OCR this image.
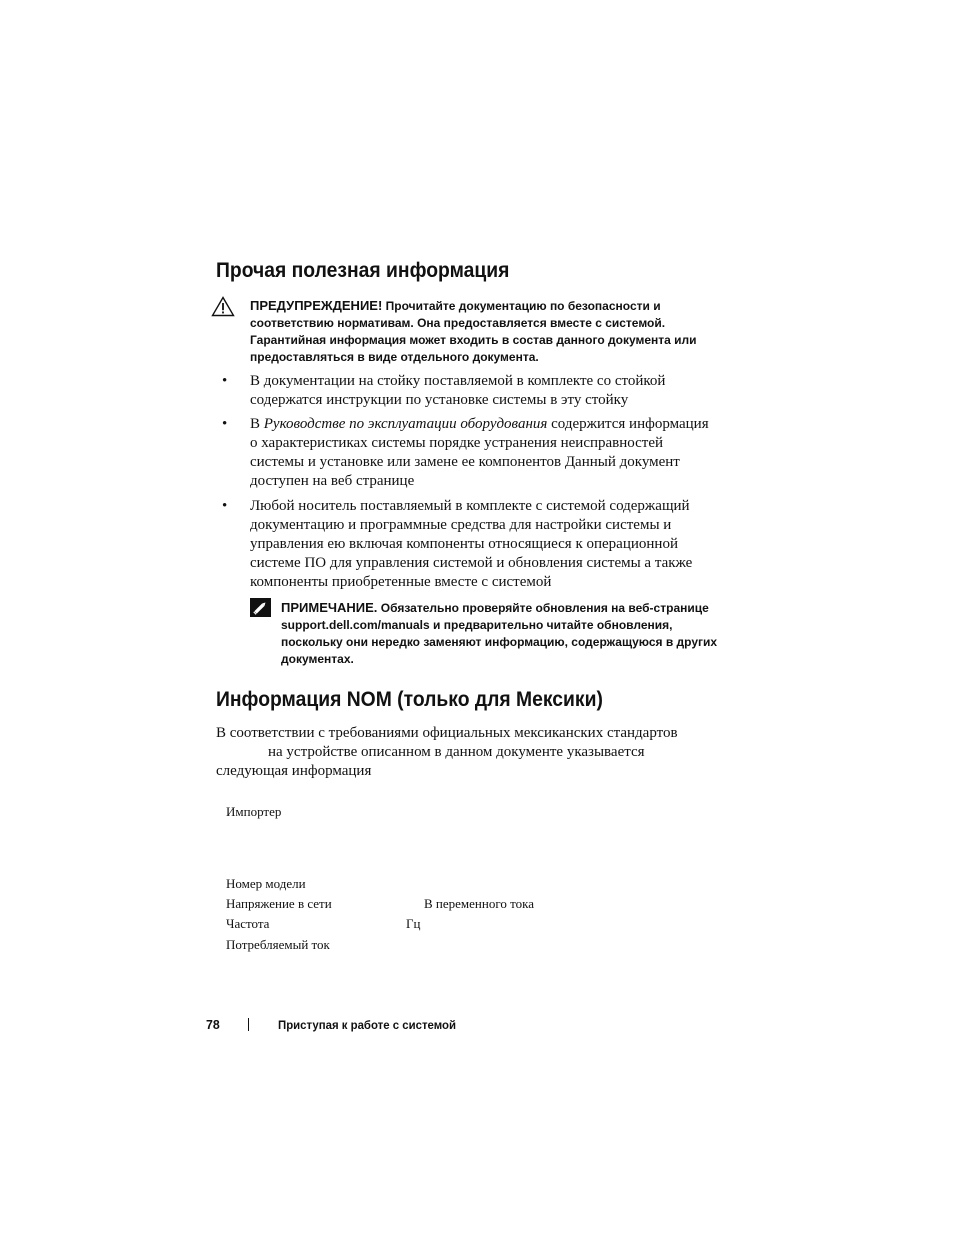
Прочая полезная информация
ПРЕДУПРЕЖДЕНИЕ! Прочитайте документацию по безопасности и
соответствию нормативам. Она предоставляется вместе с системой.
Гарантийная информация может входить в состав данного документа или
предоставляться в виде отдельного документа.
• В документации на стойку поставляемой в комплекте со стойкой
содержатся инструкции по установке системы в эту стойку
• В Руководстве по эксплуатации оборудования содержится информация
о характеристиках системы порядке устранения неисправностей
системы и установке или замене ее компонентов Данный документ
доступен на веб странице
• Любой носитель поставляемый в комплекте с системой содержащий
документацию и программные средства для настройки системы и
управления ею включая компоненты относящиеся к операционной
системе ПО для управления системой и обновления системы а также
компоненты приобретенные вместе с системой
ПРИМЕЧАНИЕ. Обязательно проверяйте обновления на веб-странице
support.dell.com/manuals и предварительно читайте обновления,
поскольку они нередко заменяют информацию, содержащуюся в других
документах.
Информация NOM (только для Мексики)
В соответствии с требованиями официальных мексиканских стандартов
на устройстве описанном в данном документе указывается
следующая информация
Импортер
Номер модели
Напряжение в сети	В переменного тока
Частота	Гц
Потребляемый ток
78	Приступая к работе с системой
